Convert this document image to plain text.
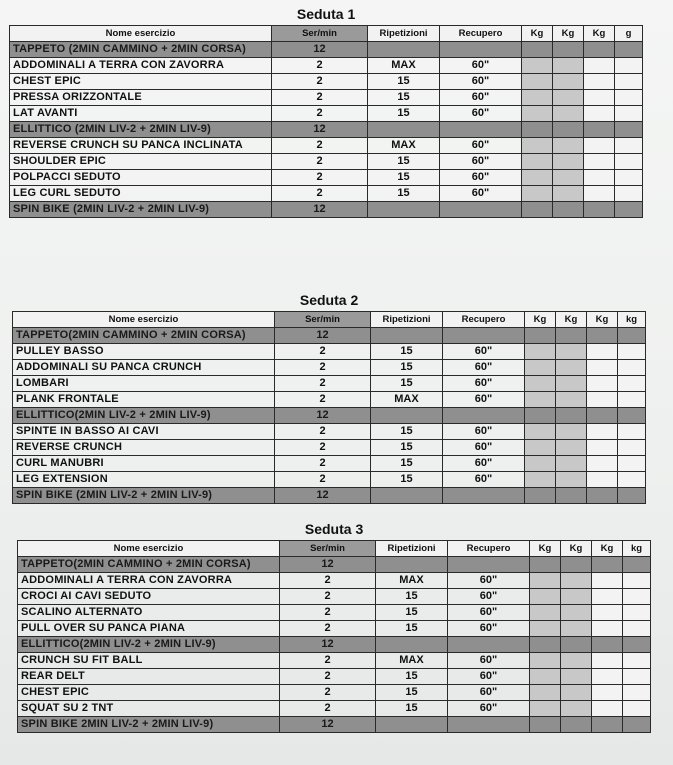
Seduta 1							
Nome esercizio	Ser/min	Ripetizioni	Recupero	Kg	Kg	Kg	g
TAPPETO (2MIN CAMMINO + 2MIN CORSA)	12						
ADDOMINALI A TERRA CON ZAVORRA	2	MAX	60"				
CHEST EPIC	2	15	60"				
PRESSA ORIZZONTALE	2	15	60"				
LAT AVANTI	2	15	60"				
ELLITTICO (2MIN LIV-2 + 2MIN LIV-9)	12						
REVERSE CRUNCH SU PANCA INCLINATA	2	MAX	60"				
SHOULDER EPIC	2	15	60"				
POLPACCI SEDUTO	2	15	60"				
LEG CURL SEDUTO	2	15	60"				
SPIN BIKE (2MIN LIV-2 + 2MIN LIV-9)	12						
Seduta 2							
Nome esercizio	Ser/min	Ripetizioni	Recupero	Kg	Kg	Kg	kg
TAPPETO(2MIN CAMMINO + 2MIN CORSA)	12						
PULLEY BASSO	2	15	60"				
ADDOMINALI SU PANCA CRUNCH	2	15	60"				
LOMBARI	2	15	60"				
PLANK FRONTALE	2	MAX	60"				
ELLITTICO(2MIN LIV-2 + 2MIN LIV-9)	12						
SPINTE IN BASSO AI CAVI	2	15	60"				
REVERSE CRUNCH	2	15	60"				
CURL MANUBRI	2	15	60"				
LEG EXTENSION	2	15	60"				
SPIN BIKE (2MIN LIV-2 + 2MIN LIV-9)	12						
Seduta 3							
Nome esercizio	Ser/min	Ripetizioni	Recupero	Kg	Kg	Kg	kg
TAPPETO(2MIN CAMMINO + 2MIN CORSA)	12						
ADDOMINALI A TERRA CON ZAVORRA	2	MAX	60"				
CROCI AI CAVI SEDUTO	2	15	60"				
SCALINO ALTERNATO	2	15	60"				
PULL OVER SU PANCA PIANA	2	15	60"				
ELLITTICO(2MIN LIV-2 + 2MIN LIV-9)	12						
CRUNCH SU FIT BALL	2	MAX	60"				
REAR DELT	2	15	60"				
CHEST EPIC	2	15	60"				
SQUAT SU 2 TNT	2	15	60"				
SPIN BIKE 2MIN LIV-2 + 2MIN LIV-9)	12						
